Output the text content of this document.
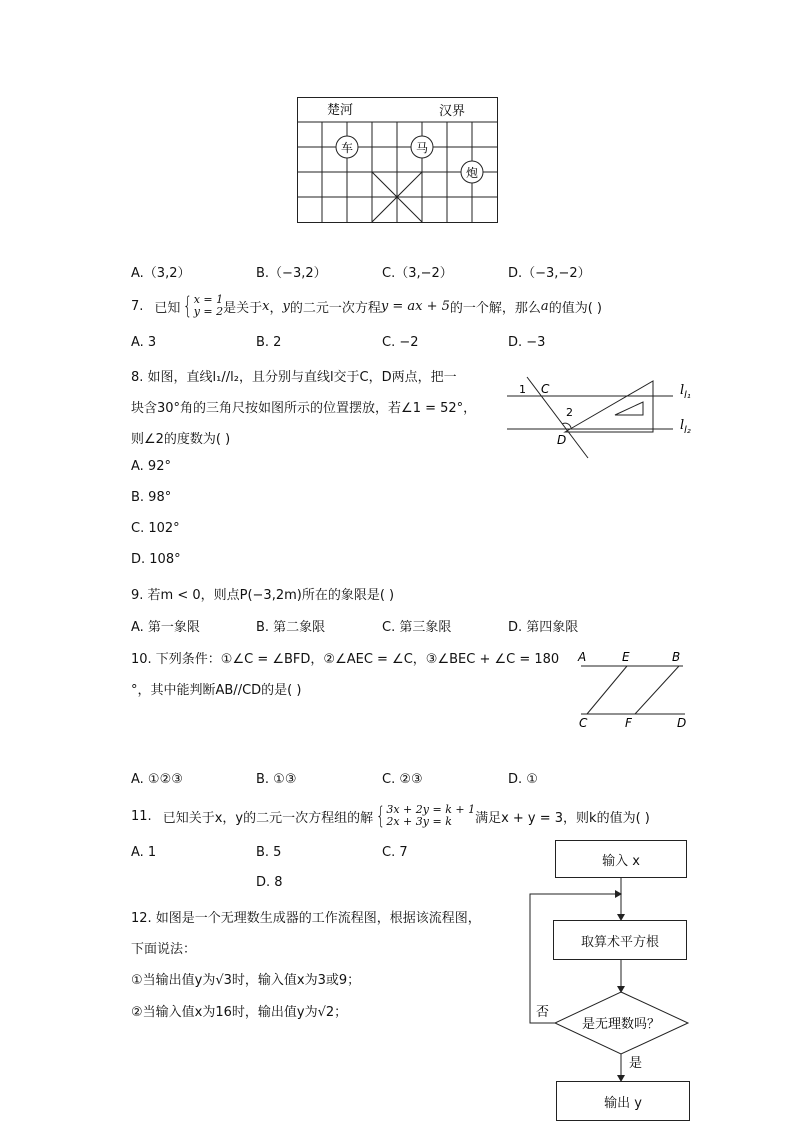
楚河	汉界
车	马
炮
A.（3,2）	B.（−3,2）	C.（3,−2）	D.（−3,−2）
7. 已知 { x = 1
y = 2 是关于 x ， y 的二元一次方程 y = ax + 5 的一个解，那么 a 的值为( )
A. 3	B. 2	C. −2	D. −3
8. 如图，直线l₁//l₂，且分别与直线l交于C，D两点，把一
块含30°角的三角尺按如图所示的位置摆放，若∠1 = 52°，
则∠2的度数为( )
A. 92°
B. 98°
C. 102°
D. 108°
l l₁
l l₂
1 C
2
D
9. 若m < 0，则点P(−3,2m)所在的象限是( )
A. 第一象限	B. 第二象限	C. 第三象限	D. 第四象限
10. 下列条件：①∠C = ∠BFD，②∠AEC = ∠C，③∠BEC + ∠C = 180
°，其中能判断AB//CD的是( )
A	E	B
C	F	D
A. ①②③	B. ①③	C. ②③	D. ①
11. 已知关于x，y的二元一次方程组的解 { 3x + 2y = k + 1
2x + 3y = k	满足x + y = 3，则k的值为( )
A. 1	B. 5	C. 7
D. 8
12. 如图是一个无理数生成器的工作流程图，根据该流程图，
下面说法：
①当输出值y为√3时，输入值x为3或9；
②当输入值x为16时，输出值y为√2；
是无理数吗？
否
是
输入 x
取算术平方根
输出 y
